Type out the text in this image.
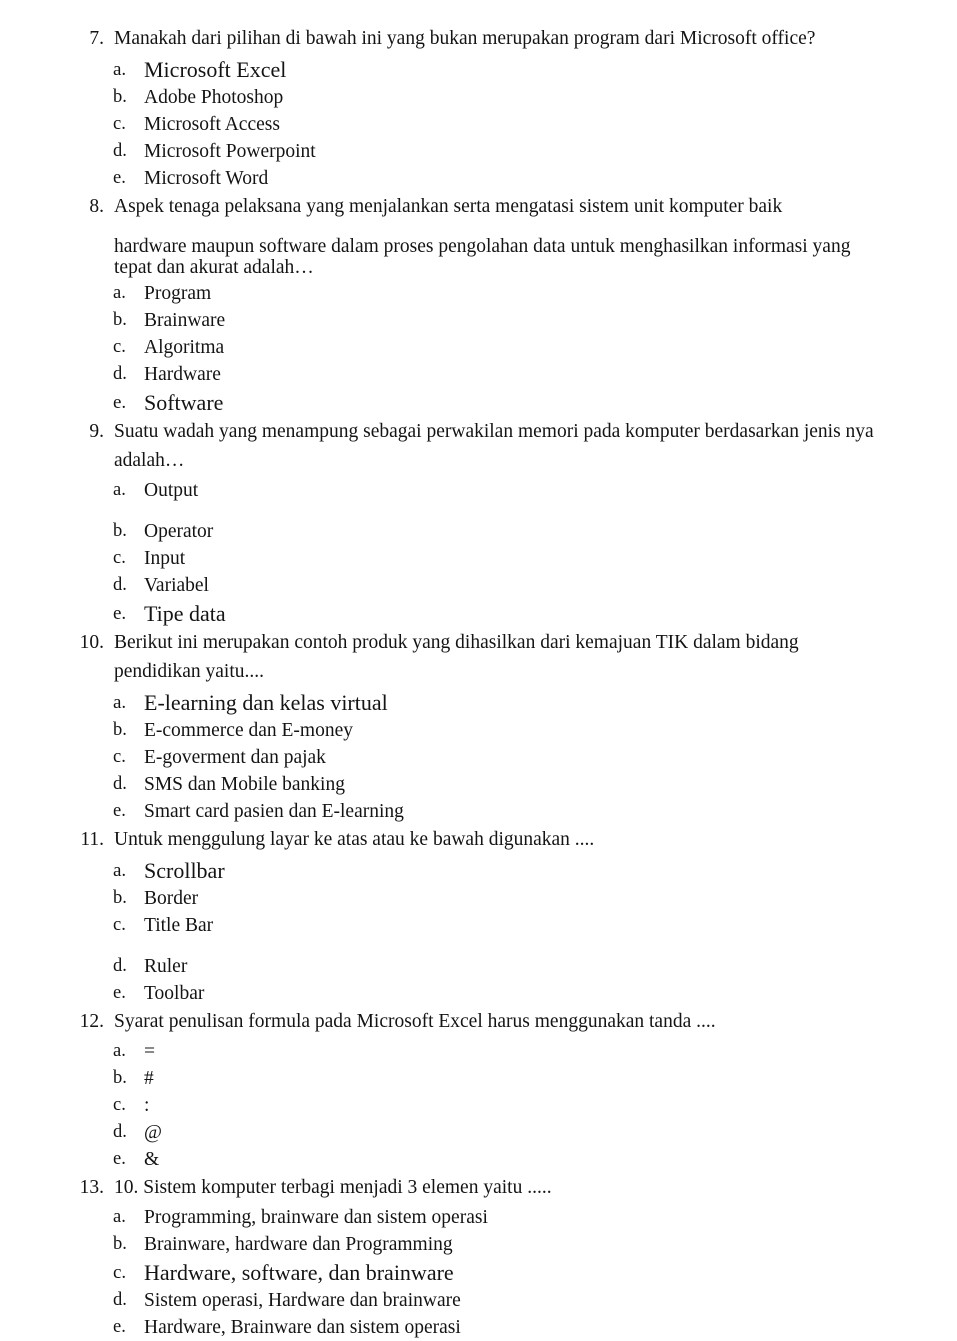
7. Manakah dari pilihan di bawah ini yang bukan merupakan program dari Microsoft office?
a. Microsoft Excel
b. Adobe Photoshop
c. Microsoft Access
d. Microsoft Powerpoint
e. Microsoft Word
8. Aspek tenaga pelaksana yang menjalankan serta mengatasi sistem unit komputer baik
hardware maupun software dalam proses pengolahan data untuk menghasilkan informasi yang tepat dan akurat adalah…
a. Program
b. Brainware
c. Algoritma
d. Hardware
e. Software
9. Suatu wadah yang menampung sebagai perwakilan memori pada komputer berdasarkan jenis nya adalah…
a. Output
b. Operator
c. Input
d. Variabel
e. Tipe data
10. Berikut ini merupakan contoh produk yang dihasilkan dari kemajuan TIK dalam bidang pendidikan yaitu....
a. E-learning dan kelas virtual
b. E-commerce dan E-money
c. E-goverment dan pajak
d. SMS dan Mobile banking
e. Smart card pasien dan E-learning
11. Untuk menggulung layar ke atas atau ke bawah digunakan ....
a. Scrollbar
b. Border
c. Title Bar
d. Ruler
e. Toolbar
12. Syarat penulisan formula pada Microsoft Excel harus menggunakan tanda ....
a. =
b. #
c. :
d. @
e. &
13. 10. Sistem komputer terbagi menjadi 3 elemen yaitu .....
a. Programming, brainware dan sistem operasi
b. Brainware, hardware dan Programming
c. Hardware, software, dan brainware
d. Sistem operasi, Hardware dan brainware
e. Hardware, Brainware dan sistem operasi
